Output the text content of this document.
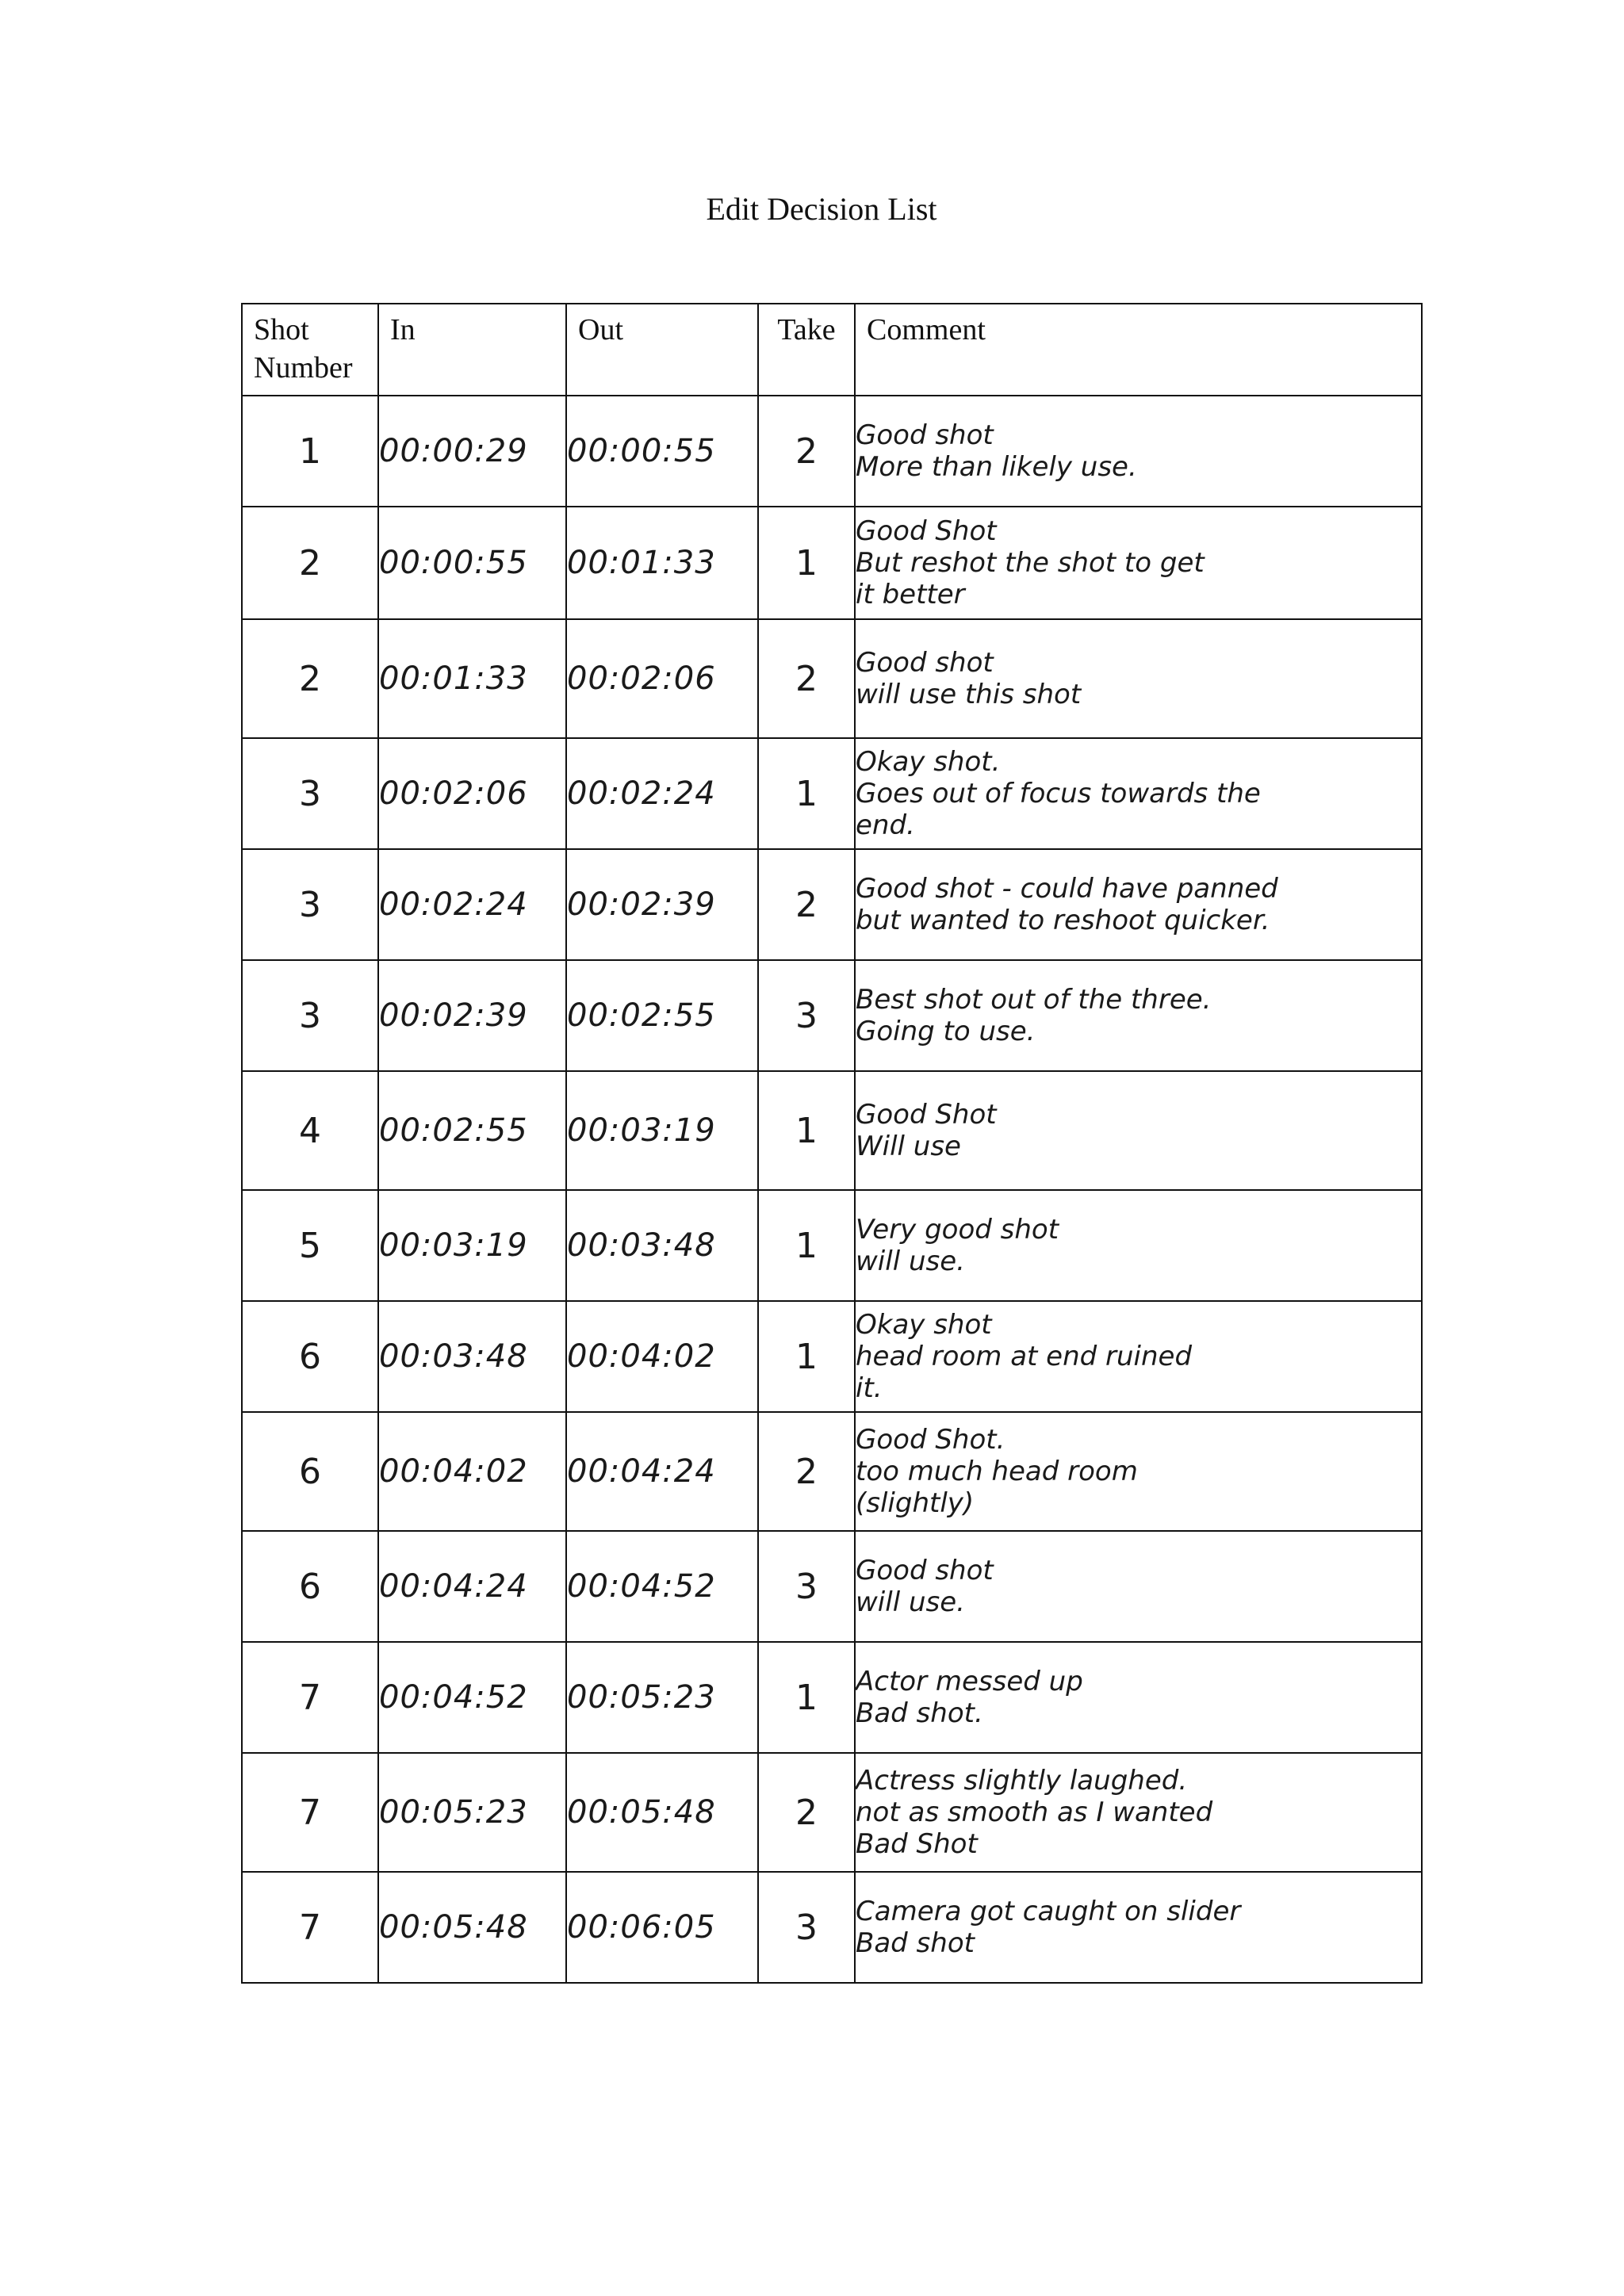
Edit Decision List
Shot Number	In	Out	Take	Comment
1	00:00:29	00:00:55	2	Good shot
More than likely use.

2	00:00:55	00:01:33	1	Good Shot
But reshot the shot to get
it better

2	00:01:33	00:02:06	2	Good shot
will use this shot

3	00:02:06	00:02:24	1	Okay shot.
Goes out of focus towards the
end.

3	00:02:24	00:02:39	2	Good shot - could have panned
but wanted to reshoot quicker.

3	00:02:39	00:02:55	3	Best shot out of the three.
Going to use.

4	00:02:55	00:03:19	1	Good Shot
Will use

5	00:03:19	00:03:48	1	Very good shot
will use.

6	00:03:48	00:04:02	1	Okay shot
head room at end ruined
it.

6	00:04:02	00:04:24	2	Good Shot.
too much head room
(slightly)

6	00:04:24	00:04:52	3	Good shot
will use.

7	00:04:52	00:05:23	1	Actor messed up
Bad shot.

7	00:05:23	00:05:48	2	Actress slightly laughed.
not as smooth as I wanted
Bad Shot

7	00:05:48	00:06:05	3	Camera got caught on slider
Bad shot
